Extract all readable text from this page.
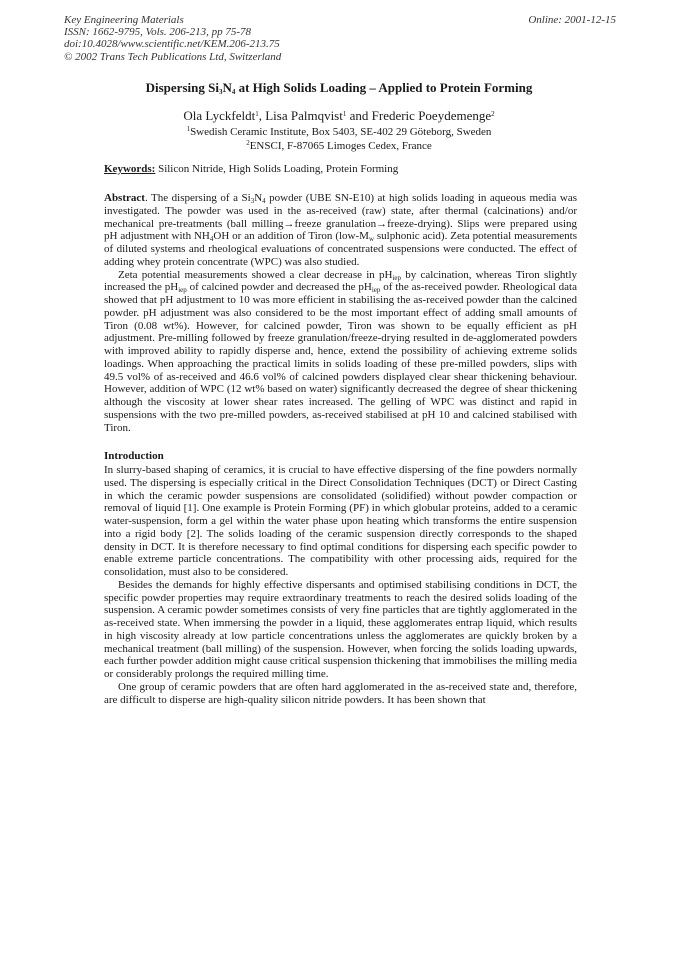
Key Engineering Materials
ISSN: 1662-9795, Vols. 206-213, pp 75-78
doi:10.4028/www.scientific.net/KEM.206-213.75
© 2002 Trans Tech Publications Ltd, Switzerland
Online: 2001-12-15
Dispersing $Si_3N_4$ at High Solids Loading – Applied to Protein Forming
Ola Lyckfeldt$^1$, Lisa Palmqvist$^1$ and Frederic Poeydemenge$^2$
$^1$Swedish Ceramic Institute, Box 5403, SE-402 29 Göteborg, Sweden
$^2$ENSCI, F-87065 Limoges Cedex, France
Keywords: Silicon Nitride, High Solids Loading, Protein Forming

Abstract. The dispersing of a $Si_3N_4$ powder (UBE SN-E10) at high solids loading in aqueous media was investigated. The powder was used in the as-received (raw) state, after thermal (calcinations) and/or mechanical pre-treatments (ball milling→freeze granulation→freeze-drying). Slips were prepared using pH adjustment with $NH_4OH$ or an addition of Tiron ($low-M_w$ sulphonic acid). Zeta potential measurements of diluted systems and rheological evaluations of concentrated suspensions were conducted. The effect of adding whey protein concentrate (WPC) was also studied.

Zeta potential measurements showed a clear decrease in $pH_{iep}$ by calcination, whereas Tiron slightly increased the $pH_{iep}$ of calcined powder and decreased the $pH_{iep}$ of the as-received powder. Rheological data showed that pH adjustment to 10 was more efficient in stabilising the as-received powder than the calcined powder. pH adjustment was also considered to be the most important effect of adding small amounts of Tiron (0.08 wt%). However, for calcined powder, Tiron was shown to be equally efficient as pH adjustment. Pre-milling followed by freeze granulation/freeze-drying resulted in de-agglomerated powders with improved ability to rapidly disperse and, hence, extend the possibility of achieving extreme solids loadings. When approaching the practical limits in solids loading of these pre-milled powders, slips with 49.5 vol% of as-received and 46.6 vol% of calcined powders displayed clear shear thickening behaviour. However, addition of WPC (12 wt% based on water) significantly decreased the degree of shear thickening although the viscosity at lower shear rates increased. The gelling of WPC was distinct and rapid in suspensions with the two pre-milled powders, as-received stabilised at pH 10 and calcined stabilised with Tiron.

Introduction

In slurry-based shaping of ceramics, it is crucial to have effective dispersing of the fine powders normally used. The dispersing is especially critical in the Direct Consolidation Techniques (DCT) or Direct Casting in which the ceramic powder suspensions are consolidated (solidified) without powder compaction or removal of liquid [1]. One example is Protein Forming (PF) in which globular proteins, added to a ceramic water-suspension, form a gel within the water phase upon heating which transforms the entire suspension into a rigid body [2]. The solids loading of the ceramic suspension directly corresponds to the shaped density in DCT. It is therefore necessary to find optimal conditions for dispersing each specific powder to enable extreme particle concentrations. The compatibility with other processing aids, required for the consolidation, must also to be considered.

Besides the demands for highly effective dispersants and optimised stabilising conditions in DCT, the specific powder properties may require extraordinary treatments to reach the desired solids loading of the suspension. A ceramic powder sometimes consists of very fine particles that are tightly agglomerated in the as-received state. When immersing the powder in a liquid, these agglomerates entrap liquid, which results in high viscosity already at low particle concentrations unless the agglomerates are quickly broken by a mechanical treatment (ball milling) of the suspension. However, when forcing the solids loading upwards, each further powder addition might cause critical suspension thickening that immobilises the milling media or considerably prolongs the required milling time.

One group of ceramic powders that are often hard agglomerated in the as-received state and, therefore, are difficult to disperse are high-quality silicon nitride powders. It has been shown that
